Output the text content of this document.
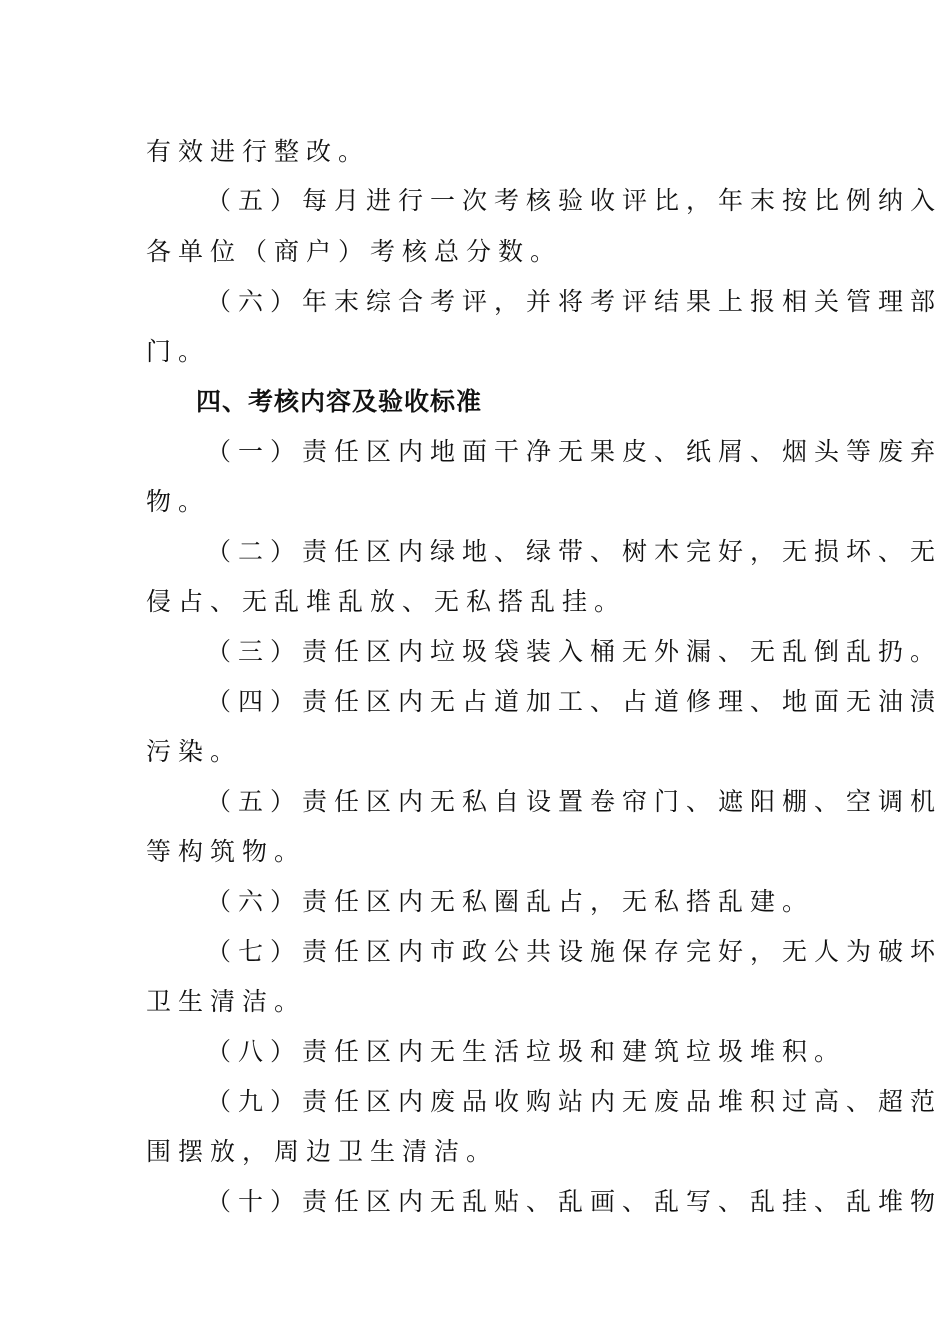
有效进行整改。
（五）每月进行一次考核验收评比，年末按比例纳入
各单位（商户）考核总分数。
（六）年末综合考评，并将考评结果上报相关管理部
门。
四、考核内容及验收标准
（一）责任区内地面干净无果皮、纸屑、烟头等废弃
物。
（二）责任区内绿地、绿带、树木完好，无损坏、无
侵占、无乱堆乱放、无私搭乱挂。
（三）责任区内垃圾袋装入桶无外漏、无乱倒乱扔。
（四）责任区内无占道加工、占道修理、地面无油渍
污染。
（五）责任区内无私自设置卷帘门、遮阳棚、空调机
等构筑物。
（六）责任区内无私圈乱占，无私搭乱建。
（七）责任区内市政公共设施保存完好，无人为破坏
卫生清洁。
（八）责任区内无生活垃圾和建筑垃圾堆积。
（九）责任区内废品收购站内无废品堆积过高、超范
围摆放，周边卫生清洁。
（十）责任区内无乱贴、乱画、乱写、乱挂、乱堆物
